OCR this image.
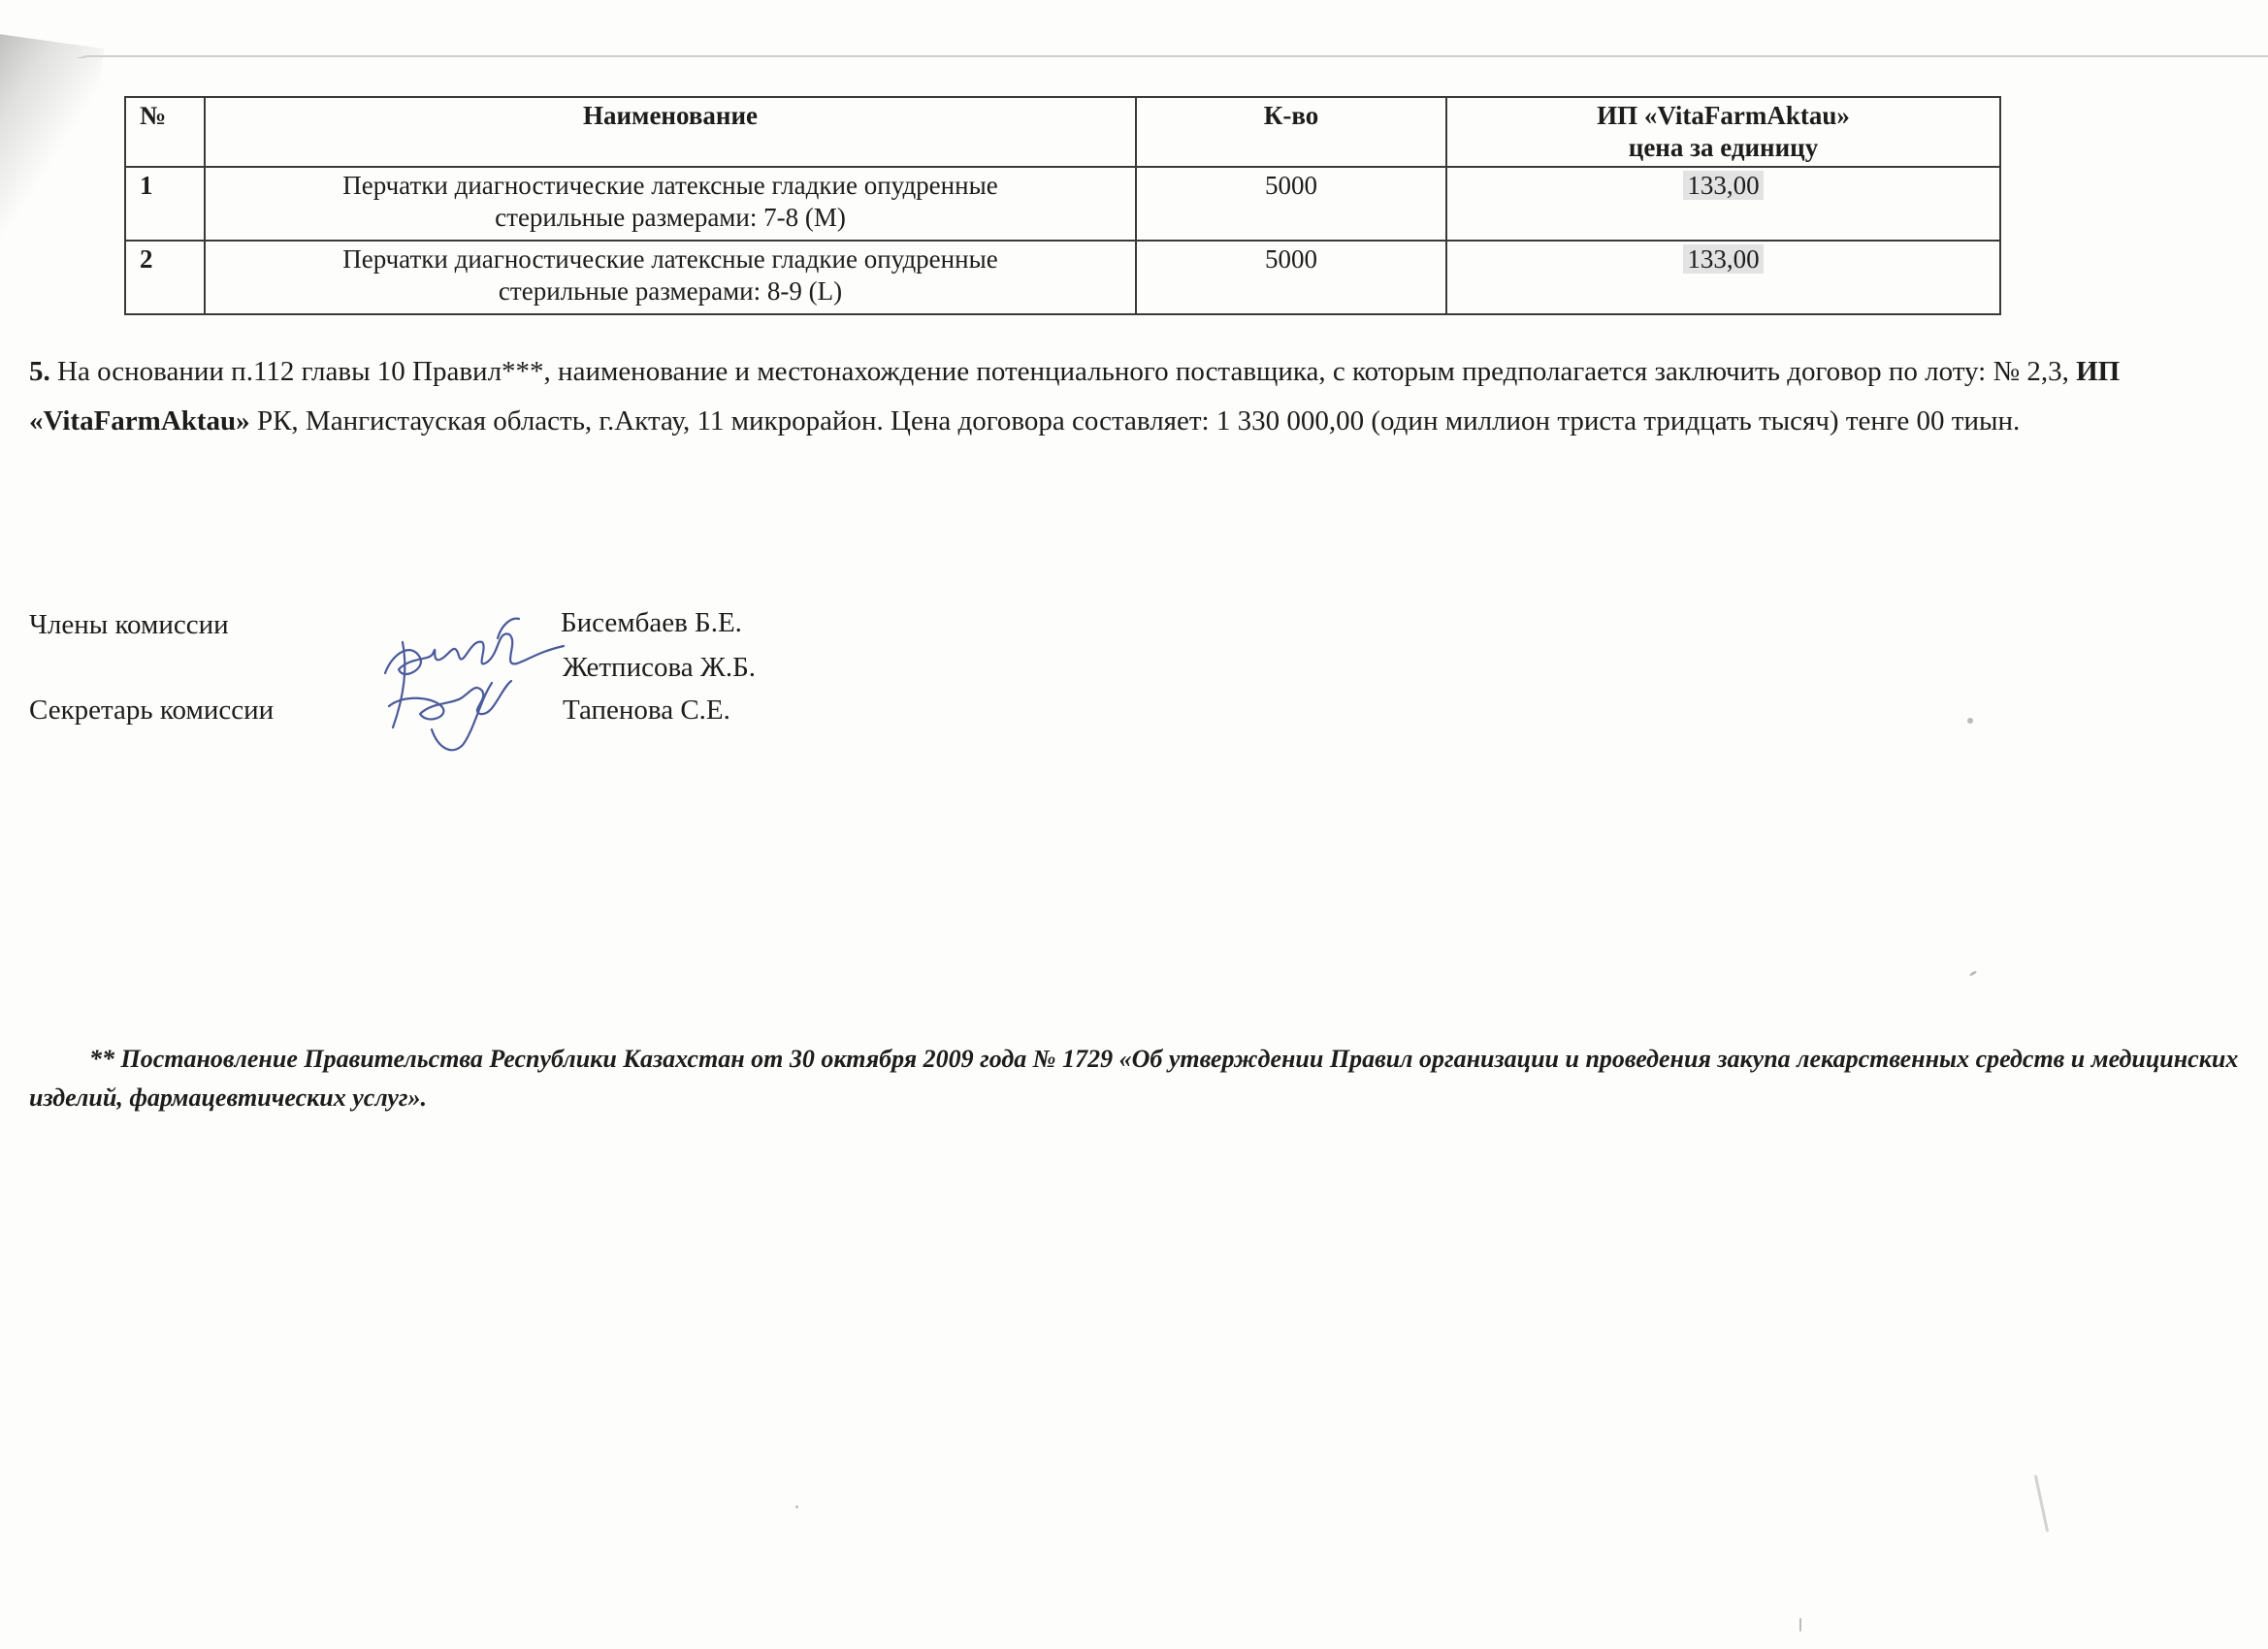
№	Наименование	К-во	ИП «VitaFarmAktau»
цена за единицу

1	Перчатки диагностические латексные гладкие опудренные
стерильные размерами: 7-8 (M)	5000	133,00
2	Перчатки диагностические латексные гладкие опудренные
стерильные размерами: 8-9 (L)	5000	133,00
5. На основании п.112 главы 10 Правил***, наименование и местонахождение потенциального поставщика, с которым предполагается заключить договор по лоту: № 2,3, ИП «VitaFarmAktau» РК, Мангистауская область, г.Актау, 11 микрорайон. Цена договора составляет: 1 330 000,00 (один миллион триста тридцать тысяч) тенге 00 тиын.
Члены комиссии
Секретарь комиссии
Бисембаев Б.Е.
Жетписова Ж.Б.
Тапенова С.Е.
** Постановление Правительства Республики Казахстан от 30 октября 2009 года № 1729 «Об утверждении Правил организации и проведения закупа лекарственных средств и медицинских изделий, фармацевтических услуг».
